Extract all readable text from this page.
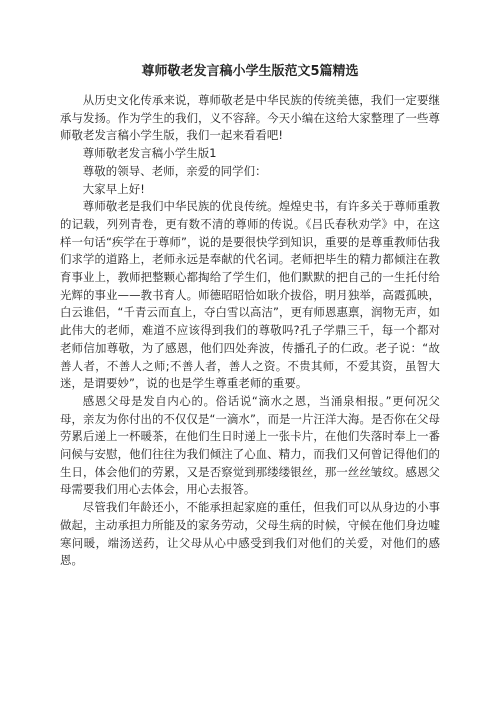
尊师敬老发言稿小学生版范文5篇精选

从历史文化传承来说，尊师敬老是中华民族的传统美德，我们一定要继承与发扬。作为学生的我们，义不容辞。今天小编在这给大家整理了一些尊师敬老发言稿小学生版，我们一起来看看吧!

尊师敬老发言稿小学生版1

尊敬的领导、老师，亲爱的同学们：

大家早上好!

尊师敬老是我们中华民族的优良传统。煌煌史书，有许多关于尊师重教的记载，列列青卷，更有数不清的尊师的传说。《吕氏春秋劝学》中，在这样一句话“疾学在于尊师”，说的是要很快学到知识，重要的是尊重教师估我们求学的道路上，老师永远是奉献的代名词。老师把毕生的精力都倾注在教育事业上，教师把整颗心都掏给了学生们，他们默默的把自己的一生托付给光辉的事业——教书育人。师德昭昭恰如耿介拔俗，明月独举，高霞孤映，白云谁侣，“千青云而直上，夺白雪以高洁”，更有师恩惠禀，润物无声，如此伟大的老师，难道不应该得到我们的尊敬吗?孔子学鼎三千，每一个都对老师信加尊敬，为了感恩，他们四处奔波，传播孔子的仁政。老子说：“故善人者，不善人之师;不善人者，善人之资。不贵其师，不爱其资，虽智大迷，是谓要妙”，说的也是学生尊重老师的重要。

感恩父母是发自内心的。俗话说“滴水之恩，当涌泉相报。”更何况父母，亲友为你付出的不仅仅是“一滴水”，而是一片汪洋大海。是否你在父母劳累后递上一杯暖茶，在他们生日时递上一张卡片，在他们失落时奉上一番问候与安慰，他们往往为我们倾注了心血、精力，而我们又何曾记得他们的生日，体会他们的劳累，又是否察觉到那缕缕银丝，那一丝丝皱纹。感恩父母需要我们用心去体会，用心去报答。

尽管我们年龄还小，不能承担起家庭的重任，但我们可以从身边的小事做起，主动承担力所能及的家务劳动，父母生病的时候，守候在他们身边嘘寒问暖，端汤送药，让父母从心中感受到我们对他们的关爱，对他们的感恩。
